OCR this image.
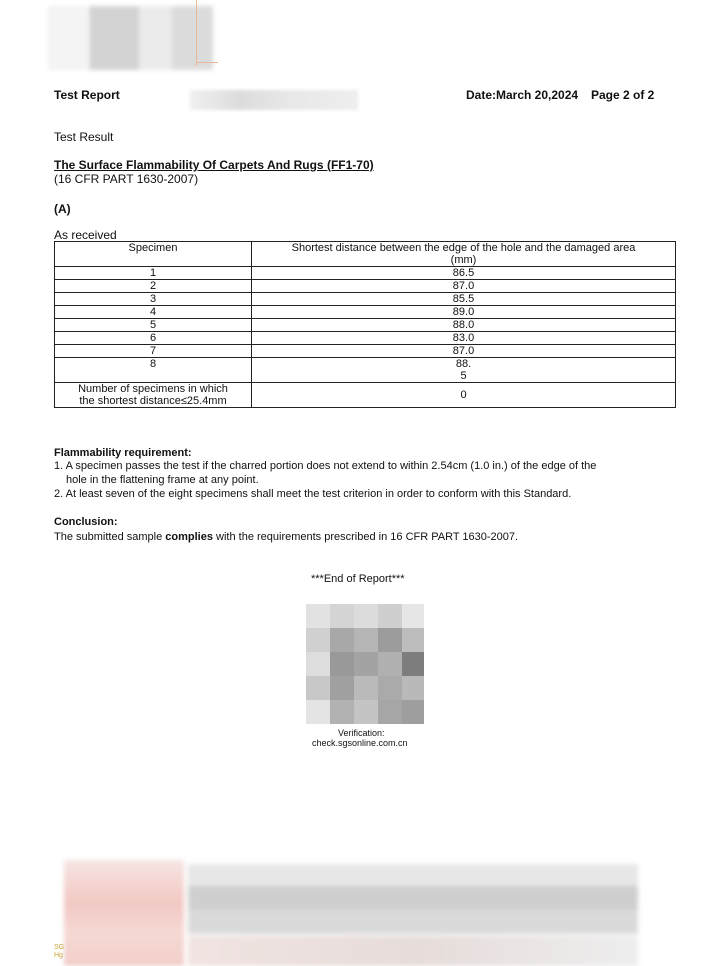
Test Report	Date:March 20,2024 Page 2 of 2
Test Result
The Surface Flammability Of Carpets And Rugs (FF1-70)
(16 CFR PART 1630-2007)
(A)
As received
Specimen	Shortest distance between the edge of the hole and the damaged area
(mm)

1	86.5
2	87.0
3	85.5
4	89.0
5	88.0
6	83.0
7	87.0
8	88.
5

Number of specimens in which
the shortest distance≤25.4mm	0
Flammability requirement:
1. A specimen passes the test if the charred portion does not extend to within 2.54cm (1.0 in.) of the edge of the
hole in the flattening frame at any point.
2. At least seven of the eight specimens shall meet the test criterion in order to conform with this Standard.
Conclusion:
The submitted sample complies with the requirements prescribed in 16 CFR PART 1630-2007.
***End of Report***
Verification:
check.sgsonline.com.cn
SG
Hg
